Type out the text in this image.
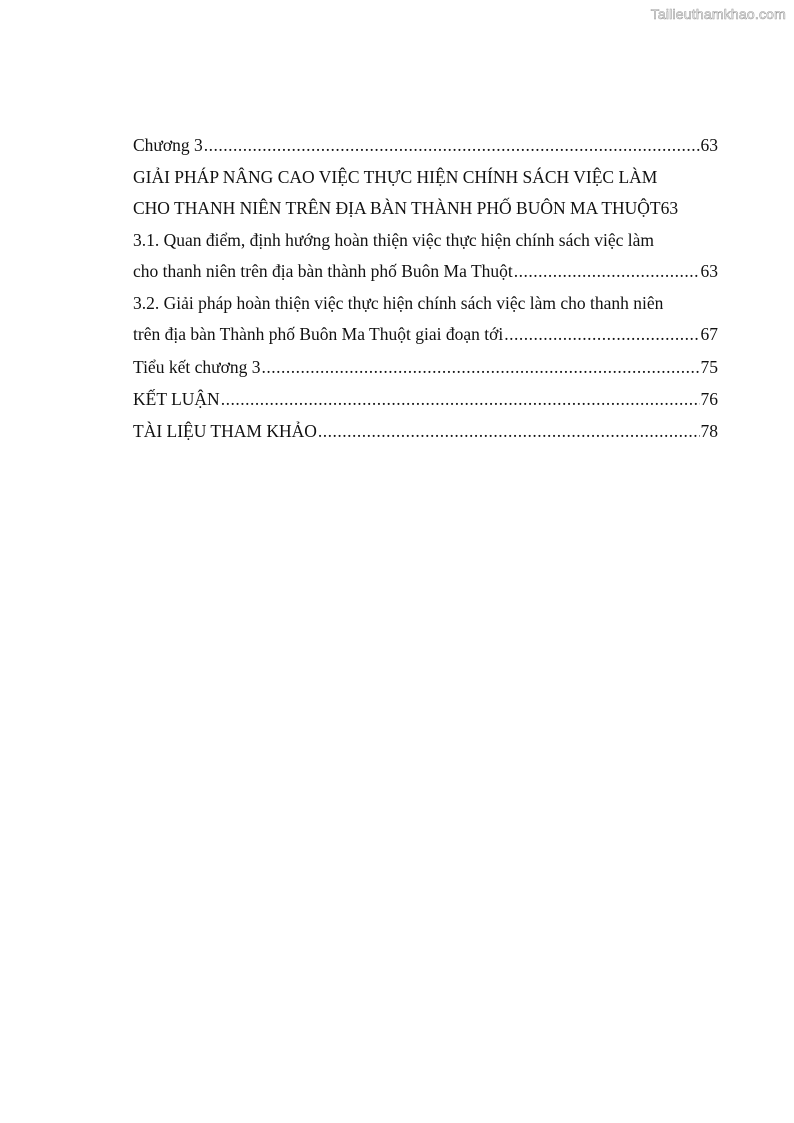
Tailieuthamkhao.com
Chương 3 .....	63
GIẢI PHÁP NÂNG CAO VIỆC THỰC HIỆN CHÍNH SÁCH VIỆC LÀM
CHO THANH NIÊN TRÊN ĐỊA BÀN THÀNH PHỐ BUÔN MA THUỘT 63
3.1. Quan điểm, định hướng hoàn thiện việc thực hiện chính sách việc làm
cho thanh niên trên địa bàn thành phố Buôn Ma Thuột .....	63
3.2. Giải pháp hoàn thiện việc thực hiện chính sách việc làm cho thanh niên
trên địa bàn Thành phố Buôn Ma Thuột giai đoạn tới .....	67
Tiểu kết chương 3 .....	75
KẾT LUẬN .....	76
TÀI LIỆU THAM KHẢO .....	78
